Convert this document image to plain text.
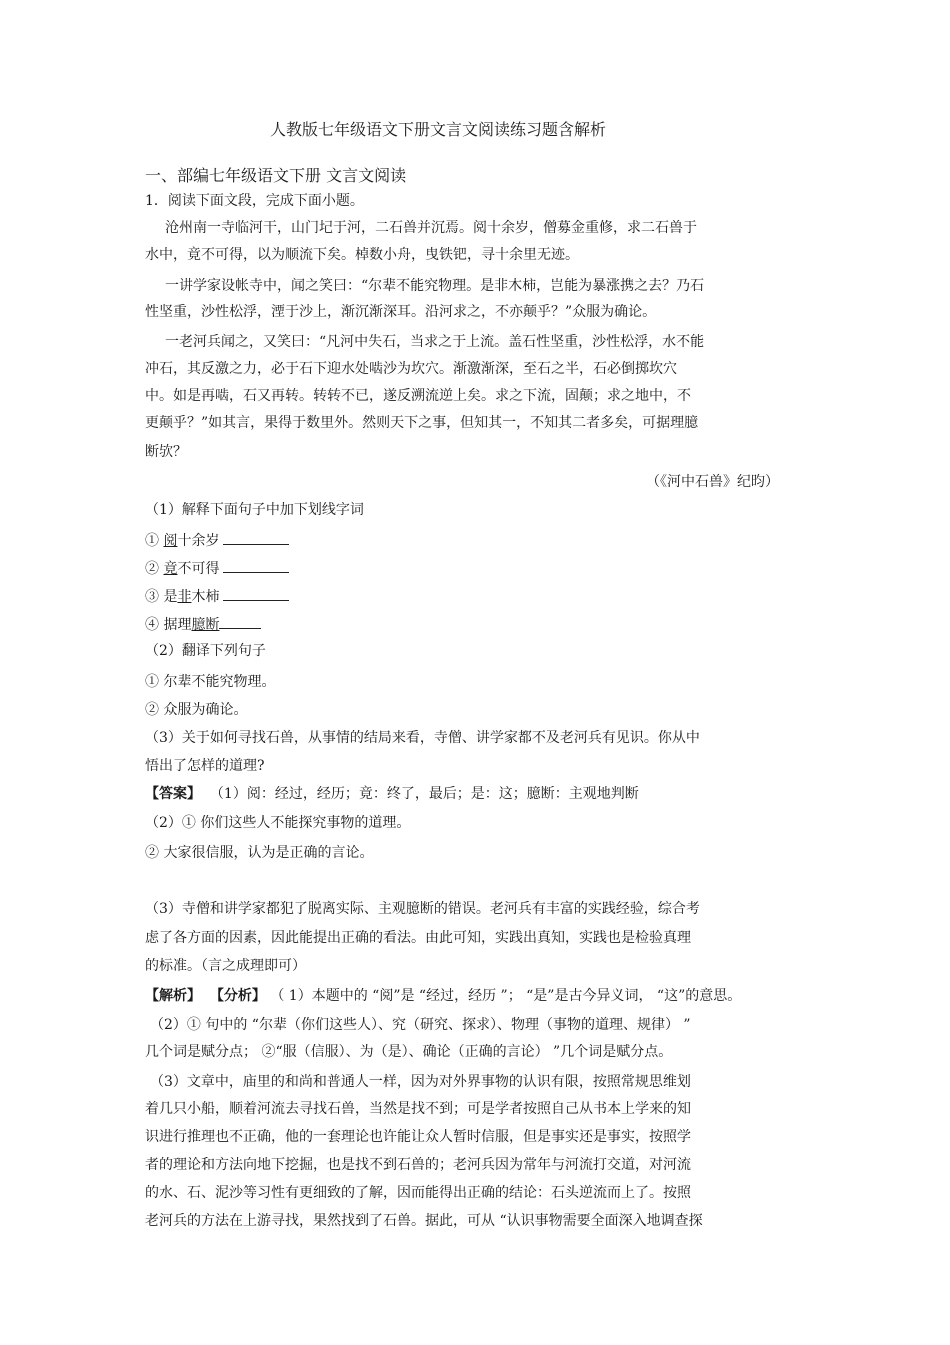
人教版七年级语文下册文言文阅读练习题含解析
一、部编七年级语文下册 文言文阅读
1．阅读下面文段，完成下面小题。
沧州南一寺临河干，山门圮于河，二石兽并沉焉。阅十余岁，僧募金重修，求二石兽于
水中，竟不可得，以为顺流下矣。棹数小舟，曳铁钯，寻十余里无迹。
一讲学家设帐寺中，闻之笑曰：“尔辈不能究物理。是非木柿，岂能为暴涨携之去？乃石
性坚重，沙性松浮，湮于沙上，渐沉渐深耳。沿河求之，不亦颠乎？”众服为确论。
一老河兵闻之，又笑曰：“凡河中失石，当求之于上流。盖石性坚重，沙性松浮，水不能
冲石，其反激之力，必于石下迎水处啮沙为坎穴。渐激渐深，至石之半，石必倒掷坎穴
中。如是再啮，石又再转。转转不已，遂反溯流逆上矣。求之下流，固颠；求之地中，不
更颠乎？”如其言，果得于数里外。然则天下之事，但知其一，不知其二者多矣，可据理臆
断欤？
（《河中石兽》纪昀）
（1）解释下面句子中加下划线字词
① 阅十余岁
② 竟不可得
③ 是非木柿
④ 据理臆断
（2）翻译下列句子
① 尔辈不能究物理。
② 众服为确论。
（3）关于如何寻找石兽，从事情的结局来看，寺僧、讲学家都不及老河兵有见识。你从中
悟出了怎样的道理?
【答案】 （1）阅：经过，经历；竟：终了，最后；是：这；臆断：主观地判断
（2）① 你们这些人不能探究事物的道理。
② 大家很信服，认为是正确的言论。
（3）寺僧和讲学家都犯了脱离实际、主观臆断的错误。老河兵有丰富的实践经验，综合考
虑了各方面的因素，因此能提出正确的看法。由此可知，实践出真知，实践也是检验真理
的标准。（言之成理即可）
【解析】 【分析】 （ 1）本题中的 “阅”是 “经过，经历 ”； “是”是古今异义词， “这”的意思。
（2）① 句中的 “尔辈（你们这些人）、究（研究、探求）、物理（事物的道理、规律） ”
几个词是赋分点； ②“服（信服）、为（是）、确论（正确的言论） ”几个词是赋分点。
（3）文章中，庙里的和尚和普通人一样，因为对外界事物的认识有限，按照常规思维划
着几只小船，顺着河流去寻找石兽，当然是找不到；可是学者按照自己从书本上学来的知
识进行推理也不正确，他的一套理论也许能让众人暂时信服，但是事实还是事实，按照学
者的理论和方法向地下挖掘，也是找不到石兽的；老河兵因为常年与河流打交道，对河流
的水、石、泥沙等习性有更细致的了解，因而能得出正确的结论：石头逆流而上了。按照
老河兵的方法在上游寻找，果然找到了石兽。据此，可从 “认识事物需要全面深入地调查探
